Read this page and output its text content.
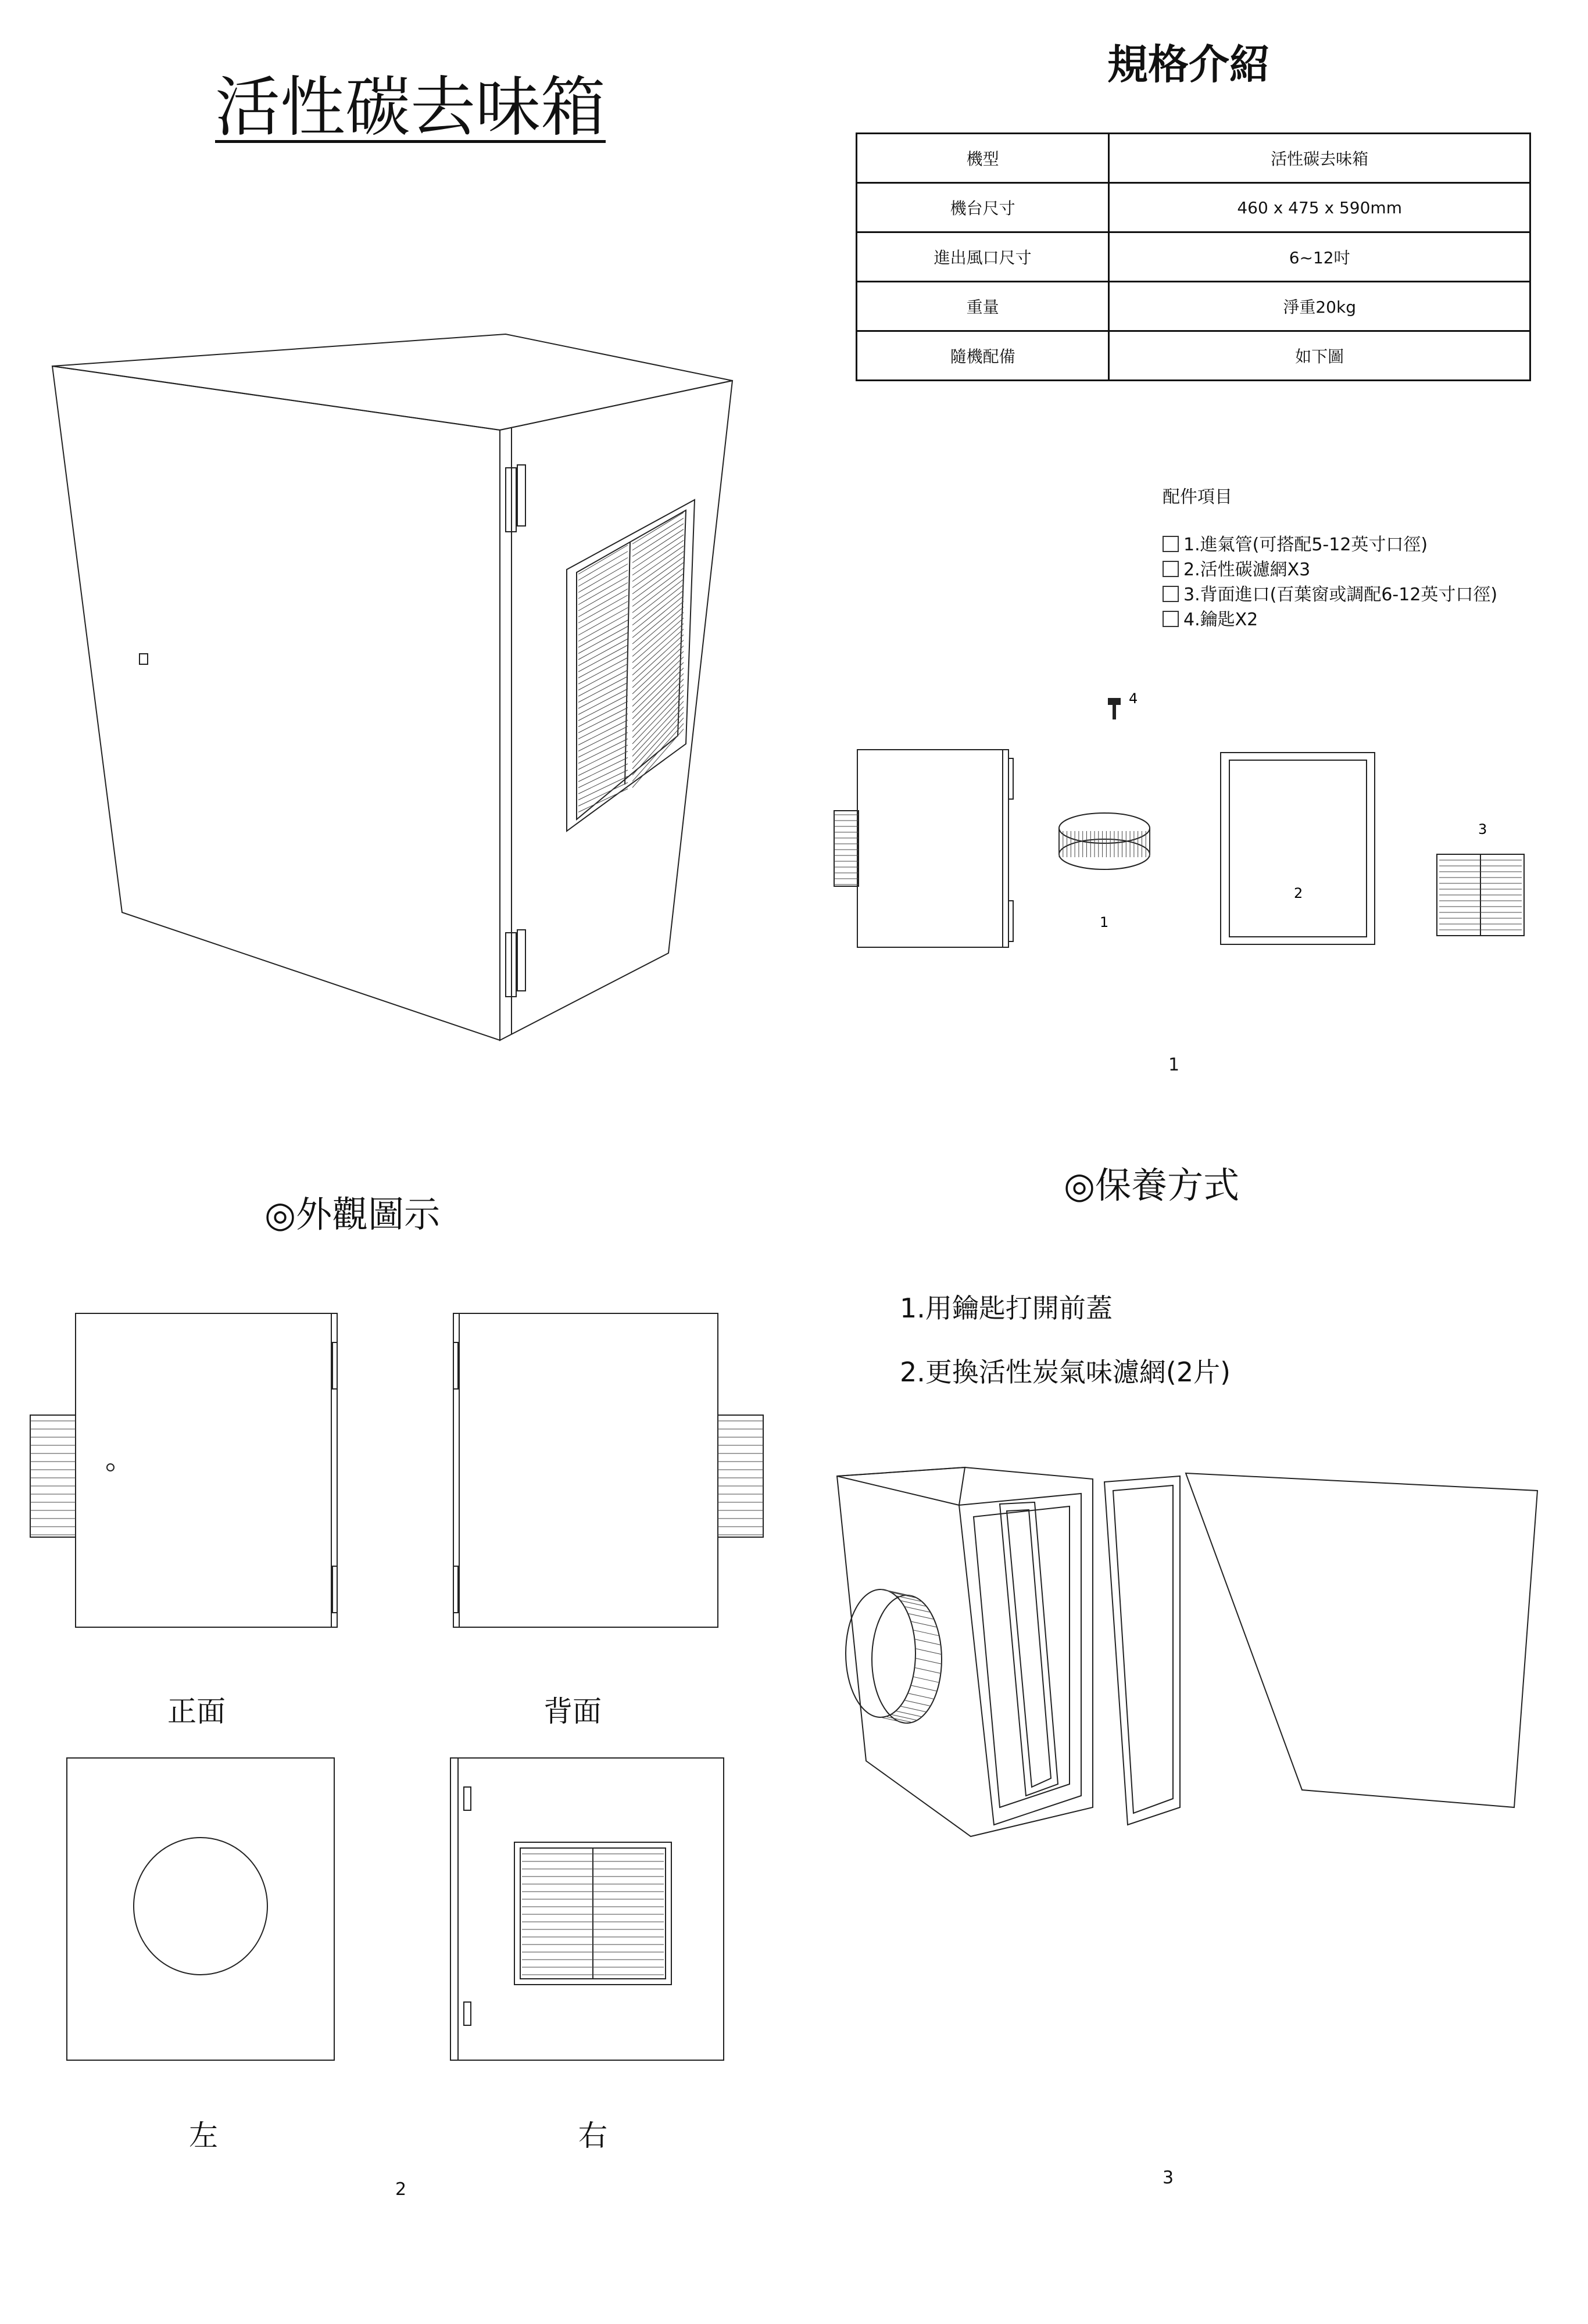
活性碳去味箱
規格介紹
機型	活性碳去味箱
機台尺寸	460 x 475 x 590mm
進出風口尺寸	6~12吋
重量	淨重20kg
隨機配備	如下圖
配件項目
1.進氣管(可搭配5-12英寸口徑)
2.活性碳濾網X3
3.背面進口(百葉窗或調配6-12英寸口徑)
4.鑰匙X2
4
1
2
3
1
◎外觀圖示
正面	背面
左	右
2
◎保養方式
1.用鑰匙打開前蓋
2.更換活性炭氣味濾網(2片)
3
